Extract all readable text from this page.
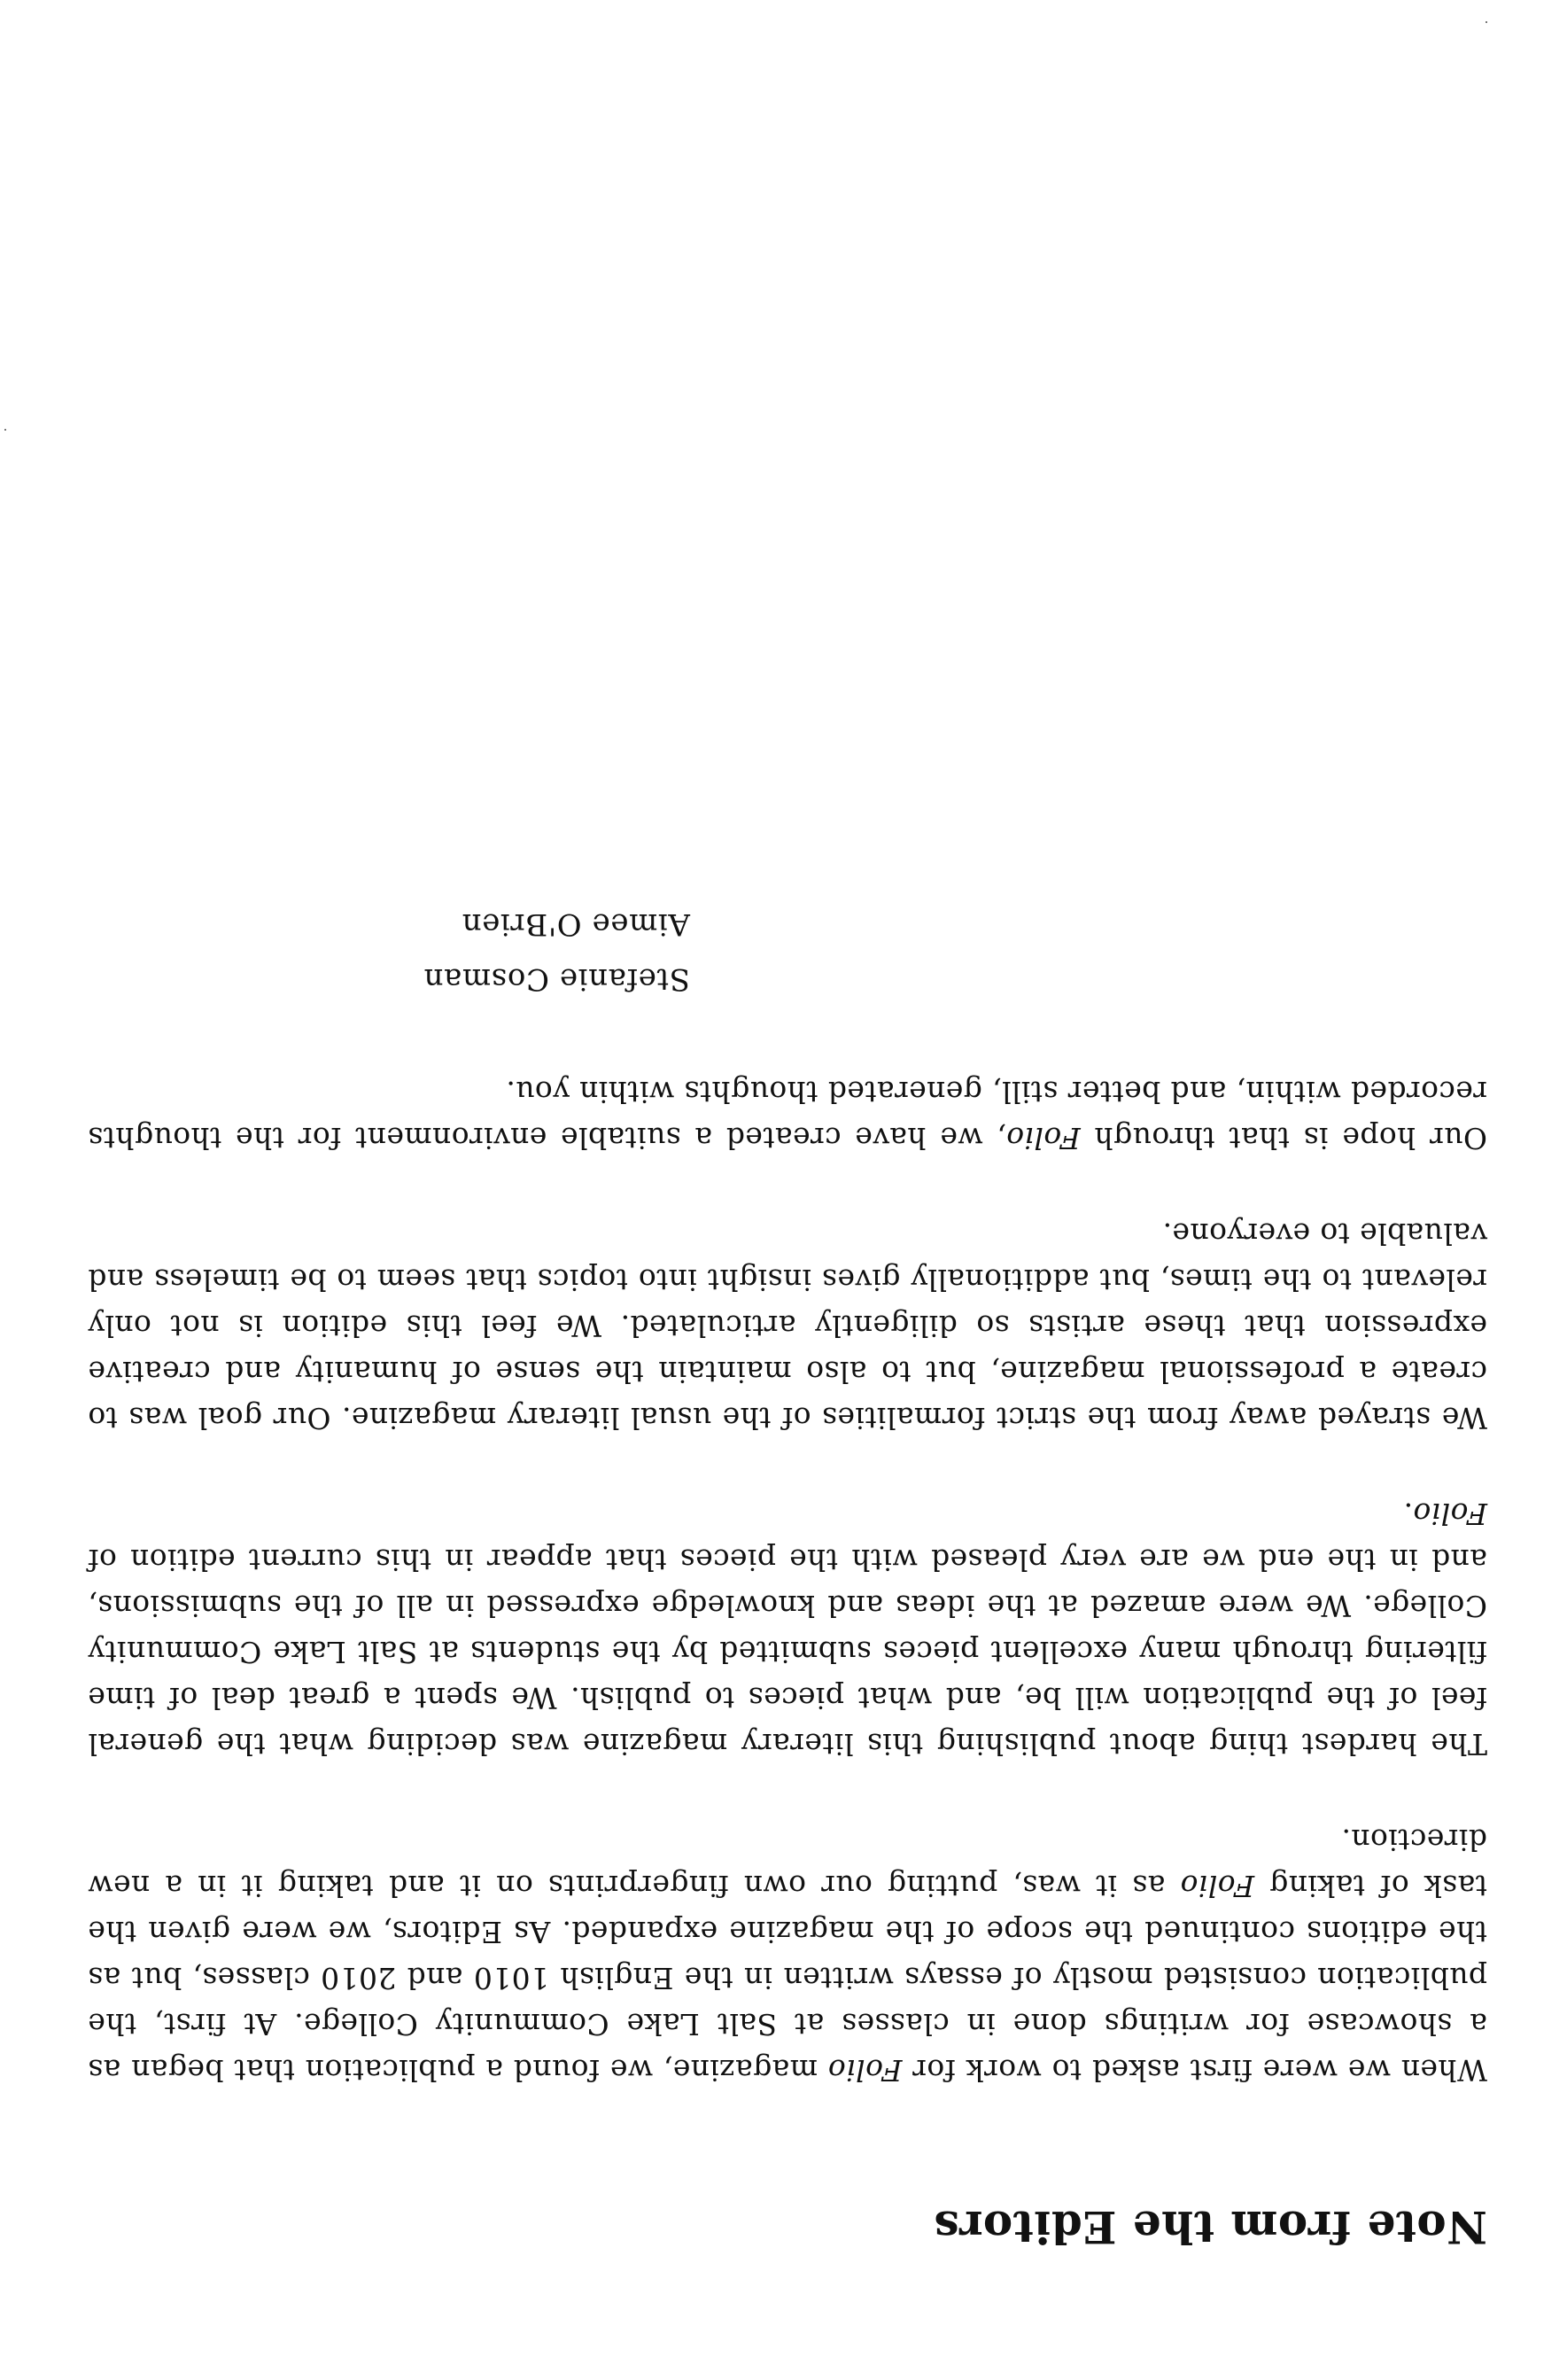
Note from the Editors

When we were first asked to work for Folio magazine, we found a publication that began as a showcase for writings done in classes at Salt Lake Community College. At first, the publication consisted mostly of essays written in the English 1010 and 2010 classes, but as the editions continued the scope of the magazine expanded. As Editors, we were given the task of taking Folio as it was, putting our own fingerprints on it and taking it in a new direction.

The hardest thing about publishing this literary magazine was deciding what the general feel of the publication will be, and what pieces to publish. We spent a great deal of time filtering through many excellent pieces submitted by the students at Salt Lake Community College. We were amazed at the ideas and knowledge expressed in all of the submissions, and in the end we are very pleased with the pieces that appear in this current edition of Folio.

We strayed away from the strict formalities of the usual literary magazine. Our goal was to create a professional magazine, but to also maintain the sense of humanity and creative expression that these artists so diligently articulated. We feel this edition is not only relevant to the times, but additionally gives insight into topics that seem to be timeless and valuable to everyone.

Our hope is that through Folio, we have created a suitable environment for the thoughts recorded within, and better still, generated thoughts within you.

Stefanie Cosman
Aimee O'Brien
